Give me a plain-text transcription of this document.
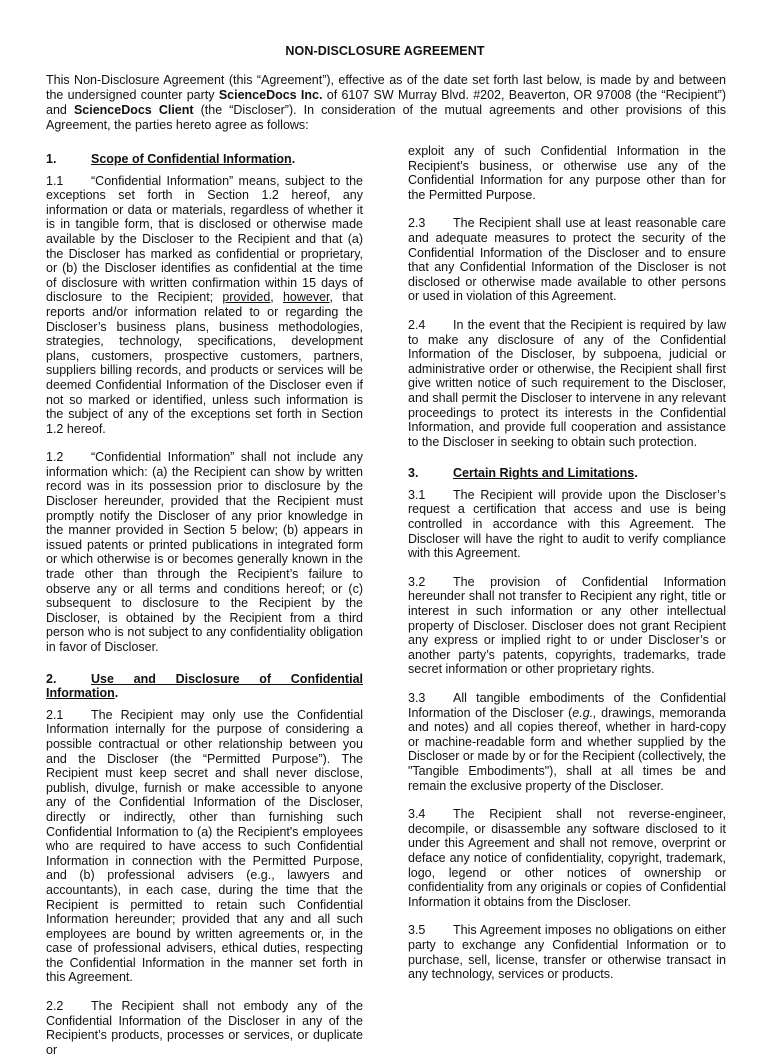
NON-DISCLOSURE AGREEMENT
This Non-Disclosure Agreement (this “Agreement”), effective as of the date set forth last below, is made by and between the undersigned counter party ScienceDocs Inc. of 6107 SW Murray Blvd. #202, Beaverton, OR 97008 (the “Recipient”) and ScienceDocs Client (the “Discloser”). In consideration of the mutual agreements and other provisions of this Agreement, the parties hereto agree as follows:

1.	Scope of Confidential Information.

1.1 “Confidential Information” means, subject to the exceptions set forth in Section 1.2 hereof, any information or data or materials, regardless of whether it is in tangible form, that is disclosed or otherwise made available by the Discloser to the Recipient and that (a) the Discloser has marked as confidential or proprietary, or (b) the Discloser identifies as confidential at the time of disclosure with written confirmation within 15 days of disclosure to the Recipient; provided, however, that reports and/or information related to or regarding the Discloser’s business plans, business methodologies, strategies, technology, specifications, development plans, customers, prospective customers, partners, suppliers billing records, and products or services will be deemed Confidential Information of the Discloser even if not so marked or identified, unless such information is the subject of any of the exceptions set forth in Section 1.2 hereof.

1.2 “Confidential Information” shall not include any information which: (a) the Recipient can show by written record was in its possession prior to disclosure by the Discloser hereunder, provided that the Recipient must promptly notify the Discloser of any prior knowledge in the manner provided in Section 5 below; (b) appears in issued patents or printed publications in integrated form or which otherwise is or becomes generally known in the trade other than through the Recipient’s failure to observe any or all terms and conditions hereof; or (c) subsequent to disclosure to the Recipient by the Discloser, is obtained by the Recipient from a third person who is not subject to any confidentiality obligation in favor of Discloser.

2.	Use and Disclosure of Confidential Information.

2.1 The Recipient may only use the Confidential Information internally for the purpose of considering a possible contractual or other relationship between you and the Discloser (the “Permitted Purpose”). The Recipient must keep secret and shall never disclose, publish, divulge, furnish or make accessible to anyone any of the Confidential Information of the Discloser, directly or indirectly, other than furnishing such Confidential Information to (a) the Recipient's employees who are required to have access to such Confidential Information in connection with the Permitted Purpose, and (b) professional advisers (e.g., lawyers and accountants), in each case, during the time that the Recipient is permitted to retain such Confidential Information hereunder; provided that any and all such employees are bound by written agreements or, in the case of professional advisers, ethical duties, respecting the Confidential Information in the manner set forth in this Agreement.

2.2 The Recipient shall not embody any of the Confidential Information of the Discloser in any of the Recipient’s products, processes or services, or duplicate or

exploit any of such Confidential Information in the Recipient’s business, or otherwise use any of the Confidential Information for any purpose other than for the Permitted Purpose.

2.3 The Recipient shall use at least reasonable care and adequate measures to protect the security of the Confidential Information of the Discloser and to ensure that any Confidential Information of the Discloser is not disclosed or otherwise made available to other persons or used in violation of this Agreement.

2.4 In the event that the Recipient is required by law to make any disclosure of any of the Confidential Information of the Discloser, by subpoena, judicial or administrative order or otherwise, the Recipient shall first give written notice of such requirement to the Discloser, and shall permit the Discloser to intervene in any relevant proceedings to protect its interests in the Confidential Information, and provide full cooperation and assistance to the Discloser in seeking to obtain such protection.

3.	Certain Rights and Limitations.

3.1 The Recipient will provide upon the Discloser’s request a certification that access and use is being controlled in accordance with this Agreement. The Discloser will have the right to audit to verify compliance with this Agreement.

3.2 The provision of Confidential Information hereunder shall not transfer to Recipient any right, title or interest in such information or any other intellectual property of Discloser. Discloser does not grant Recipient any express or implied right to or under Discloser’s or another party’s patents, copyrights, trademarks, trade secret information or other proprietary rights.

3.3 All tangible embodiments of the Confidential Information of the Discloser (e.g., drawings, memoranda and notes) and all copies thereof, whether in hard-copy or machine-readable form and whether supplied by the Discloser or made by or for the Recipient (collectively, the "Tangible Embodiments"), shall at all times be and remain the exclusive property of the Discloser.

3.4 The Recipient shall not reverse-engineer, decompile, or disassemble any software disclosed to it under this Agreement and shall not remove, overprint or deface any notice of confidentiality, copyright, trademark, logo, legend or other notices of ownership or confidentiality from any originals or copies of Confidential Information it obtains from the Discloser.

3.5 This Agreement imposes no obligations on either party to exchange any Confidential Information or to purchase, sell, license, transfer or otherwise transact in any technology, services or products.
